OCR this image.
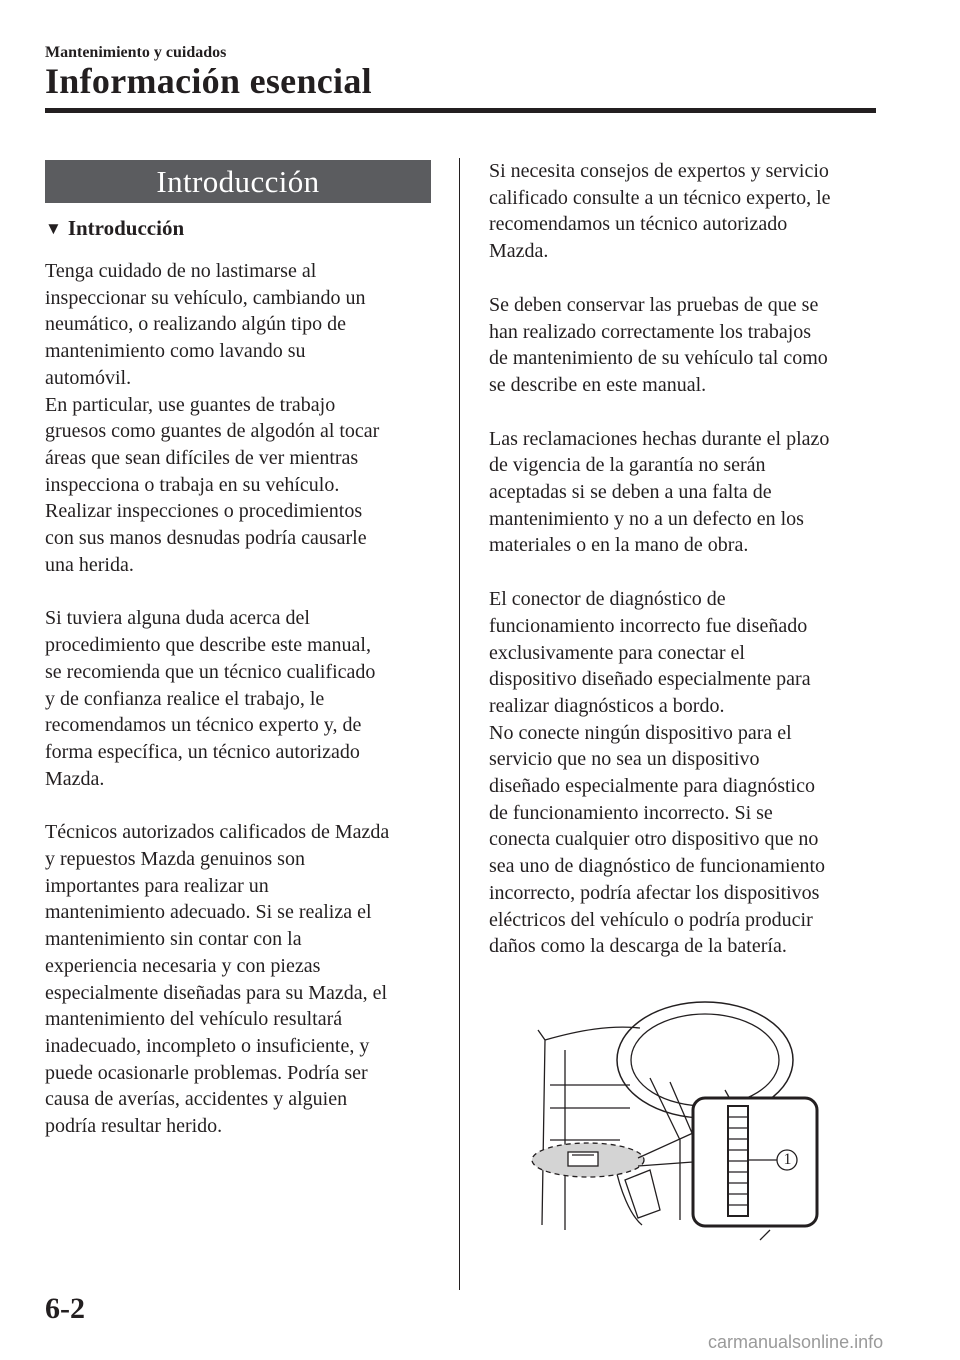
Mantenimiento y cuidados
Información esencial
Introducción
▼ Introducción

Tenga cuidado de no lastimarse al
inspeccionar su vehículo, cambiando un
neumático, o realizando algún tipo de
mantenimiento como lavando su
automóvil.
En particular, use guantes de trabajo
gruesos como guantes de algodón al tocar
áreas que sean difíciles de ver mientras
inspecciona o trabaja en su vehículo.
Realizar inspecciones o procedimientos
con sus manos desnudas podría causarle
una herida.

Si tuviera alguna duda acerca del
procedimiento que describe este manual,
se recomienda que un técnico cualificado
y de confianza realice el trabajo, le
recomendamos un técnico experto y, de
forma específica, un técnico autorizado
Mazda.

Técnicos autorizados calificados de Mazda
y repuestos Mazda genuinos son
importantes para realizar un
mantenimiento adecuado. Si se realiza el
mantenimiento sin contar con la
experiencia necesaria y con piezas
especialmente diseñadas para su Mazda, el
mantenimiento del vehículo resultará
inadecuado, incompleto o insuficiente, y
puede ocasionarle problemas. Podría ser
causa de averías, accidentes y alguien
podría resultar herido.

Si necesita consejos de expertos y servicio
calificado consulte a un técnico experto, le
recomendamos un técnico autorizado
Mazda.

Se deben conservar las pruebas de que se
han realizado correctamente los trabajos
de mantenimiento de su vehículo tal como
se describe en este manual.

Las reclamaciones hechas durante el plazo
de vigencia de la garantía no serán
aceptadas si se deben a una falta de
mantenimiento y no a un defecto en los
materiales o en la mano de obra.

El conector de diagnóstico de
funcionamiento incorrecto fue diseñado
exclusivamente para conectar el
dispositivo diseñado especialmente para
realizar diagnósticos a bordo.
No conecte ningún dispositivo para el
servicio que no sea un dispositivo
diseñado especialmente para diagnóstico
de funcionamiento incorrecto. Si se
conecta cualquier otro dispositivo que no
sea uno de diagnóstico de funcionamiento
incorrecto, podría afectar los dispositivos
eléctricos del vehículo o podría producir
daños como la descarga de la batería.

1
6-2
carmanualsonline.info
